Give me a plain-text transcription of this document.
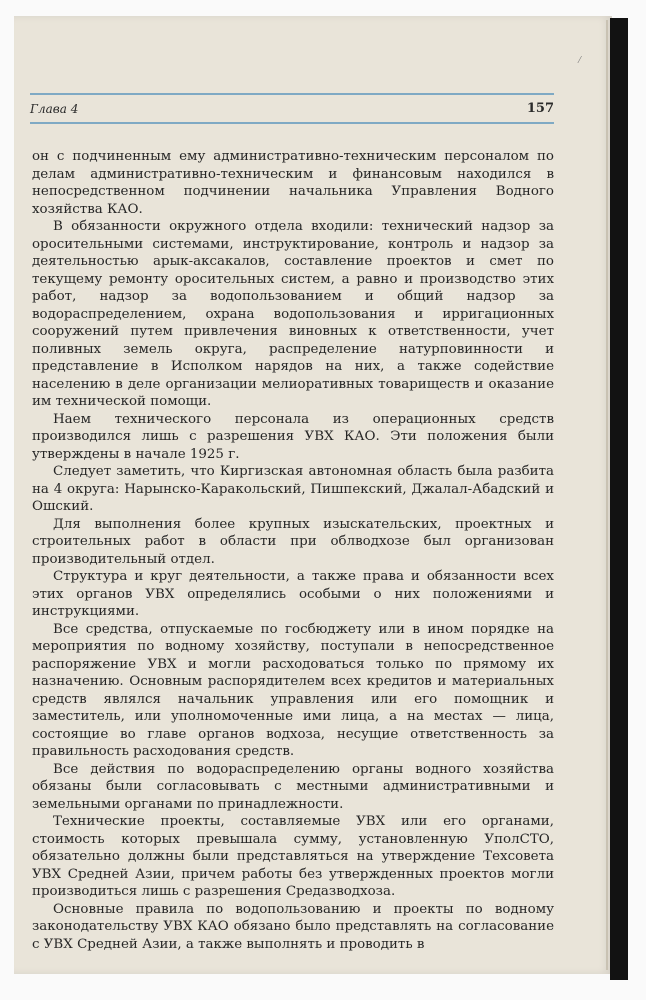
/
Глава 4	157

он с подчиненным ему административно-техническим персоналом по делам административно-техническим и финансовым находился в непосредственном подчинении начальника Управления Водного хозяйства КАО.

В обязанности окружного отдела входили: технический надзор за оросительными системами, инструктирование, контроль и надзор за деятельностью арык-аксакалов, составление проектов и смет по текущему ремонту оросительных систем, а равно и производство этих работ, надзор за водопользованием и общий надзор за водораспределением, охрана водопользования и ирригационных сооружений путем привлечения виновных к ответственности, учет поливных земель округа, распределение натурповинности и представление в Исполком нарядов на них, а также содействие населению в деле организации мелиоративных товариществ и оказание им технической помощи.

Наем технического персонала из операционных средств производился лишь с разрешения УВХ КАО. Эти положения были утверждены в начале 1925 г.

Следует заметить, что Киргизская автономная область была разбита на 4 округа: Нарынско-Каракольский, Пишпекский, Джалал-Абадский и Ошский.

Для выполнения более крупных изыскательских, проектных и строительных работ в области при облводхозе был организован производительный отдел.

Структура и круг деятельности, а также права и обязанности всех этих органов УВХ определялись особыми о них положениями и инструкциями.

Все средства, отпускаемые по госбюджету или в ином порядке на мероприятия по водному хозяйству, поступали в непосредственное распоряжение УВХ и могли расходоваться только по прямому их назначению. Основным распорядителем всех кредитов и материальных средств являлся начальник управления или его помощник и заместитель, или уполномоченные ими лица, а на местах — лица, состоящие во главе органов водхоза, несущие ответственность за правильность расходования средств.

Все действия по водораспределению органы водного хозяйства обязаны были согласовывать с местными административными и земельными органами по принадлежности.

Технические проекты, составляемые УВХ или его органами, стоимость которых превышала сумму, установленную УполСТО, обязательно должны были представляться на утверждение Техсовета УВХ Средней Азии, причем работы без утвержденных проектов могли производиться лишь с разрешения Средазводхоза.

Основные правила по водопользованию и проекты по водному законодательству УВХ КАО обязано было представлять на согласование с УВХ Средней Азии, а также выполнять и проводить в
